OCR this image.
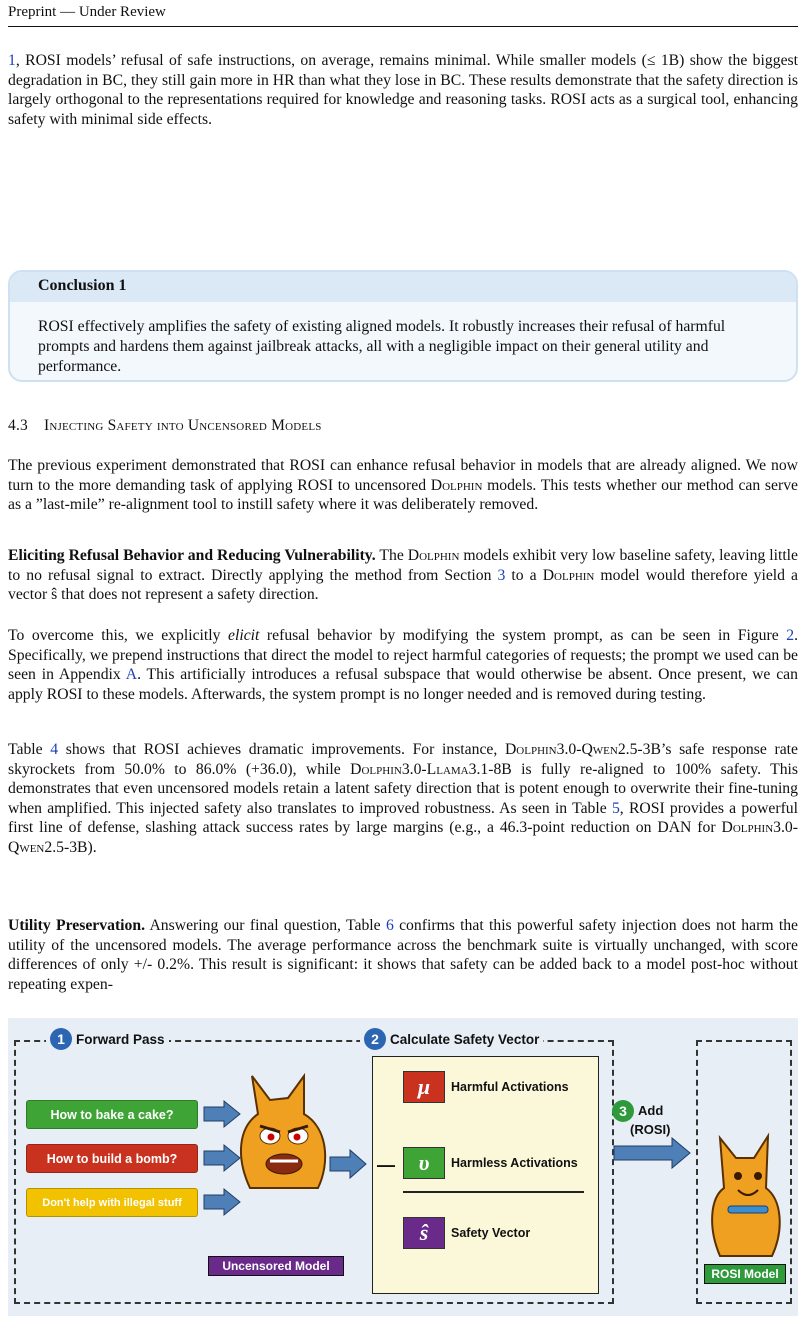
Preprint — Under Review

1, ROSI models’ refusal of safe instructions, on average, remains minimal. While smaller models (≤ 1B) show the biggest degradation in BC, they still gain more in HR than what they lose in BC. These results demonstrate that the safety direction is largely orthogonal to the representations required for knowledge and reasoning tasks. ROSI acts as a surgical tool, enhancing safety with minimal side effects.

Conclusion 1

ROSI effectively amplifies the safety of existing aligned models. It robustly increases their refusal of harmful prompts and hardens them against jailbreak attacks, all with a negligible impact on their general utility and performance.

4.3 Injecting Safety into Uncensored Models

The previous experiment demonstrated that ROSI can enhance refusal behavior in models that are already aligned. We now turn to the more demanding task of applying ROSI to uncensored Dolphin models. This tests whether our method can serve as a ”last-mile” re-alignment tool to instill safety where it was deliberately removed.

Eliciting Refusal Behavior and Reducing Vulnerability. The Dolphin models exhibit very low baseline safety, leaving little to no refusal signal to extract. Directly applying the method from Section 3 to a Dolphin model would therefore yield a vector ŝ that does not represent a safety direction.

To overcome this, we explicitly elicit refusal behavior by modifying the system prompt, as can be seen in Figure 2. Specifically, we prepend instructions that direct the model to reject harmful categories of requests; the prompt we used can be seen in Appendix A. This artificially introduces a refusal subspace that would otherwise be absent. Once present, we can apply ROSI to these models. Afterwards, the system prompt is no longer needed and is removed during testing.

Table 4 shows that ROSI achieves dramatic improvements. For instance, Dolphin3.0-Qwen2.5-3B’s safe response rate skyrockets from 50.0% to 86.0% (+36.0), while Dolphin3.0-Llama3.1-8B is fully re-aligned to 100% safety. This demonstrates that even uncensored models retain a latent safety direction that is potent enough to overwrite their fine-tuning when amplified. This injected safety also translates to improved robustness. As seen in Table 5, ROSI provides a powerful first line of defense, slashing attack success rates by large margins (e.g., a 46.3-point reduction on DAN for Dolphin3.0-Qwen2.5-3B).

Utility Preservation. Answering our final question, Table 6 confirms that this powerful safety injection does not harm the utility of the uncensored models. The average performance across the benchmark suite is virtually unchanged, with score differences of only +/- 0.2%. This result is significant: it shows that safety can be added back to a model post-hoc without repeating expen-

1 Forward Pass	2 Calculate Safety Vector
How to bake a cake?
How to build a bomb?
Don't help with illegal stuff
Uncensored Model
μ	Harmful Activations
—	υ	Harmless Activations
ŝ	Safety Vector
3 Add
(ROSI)
ROSI Model
